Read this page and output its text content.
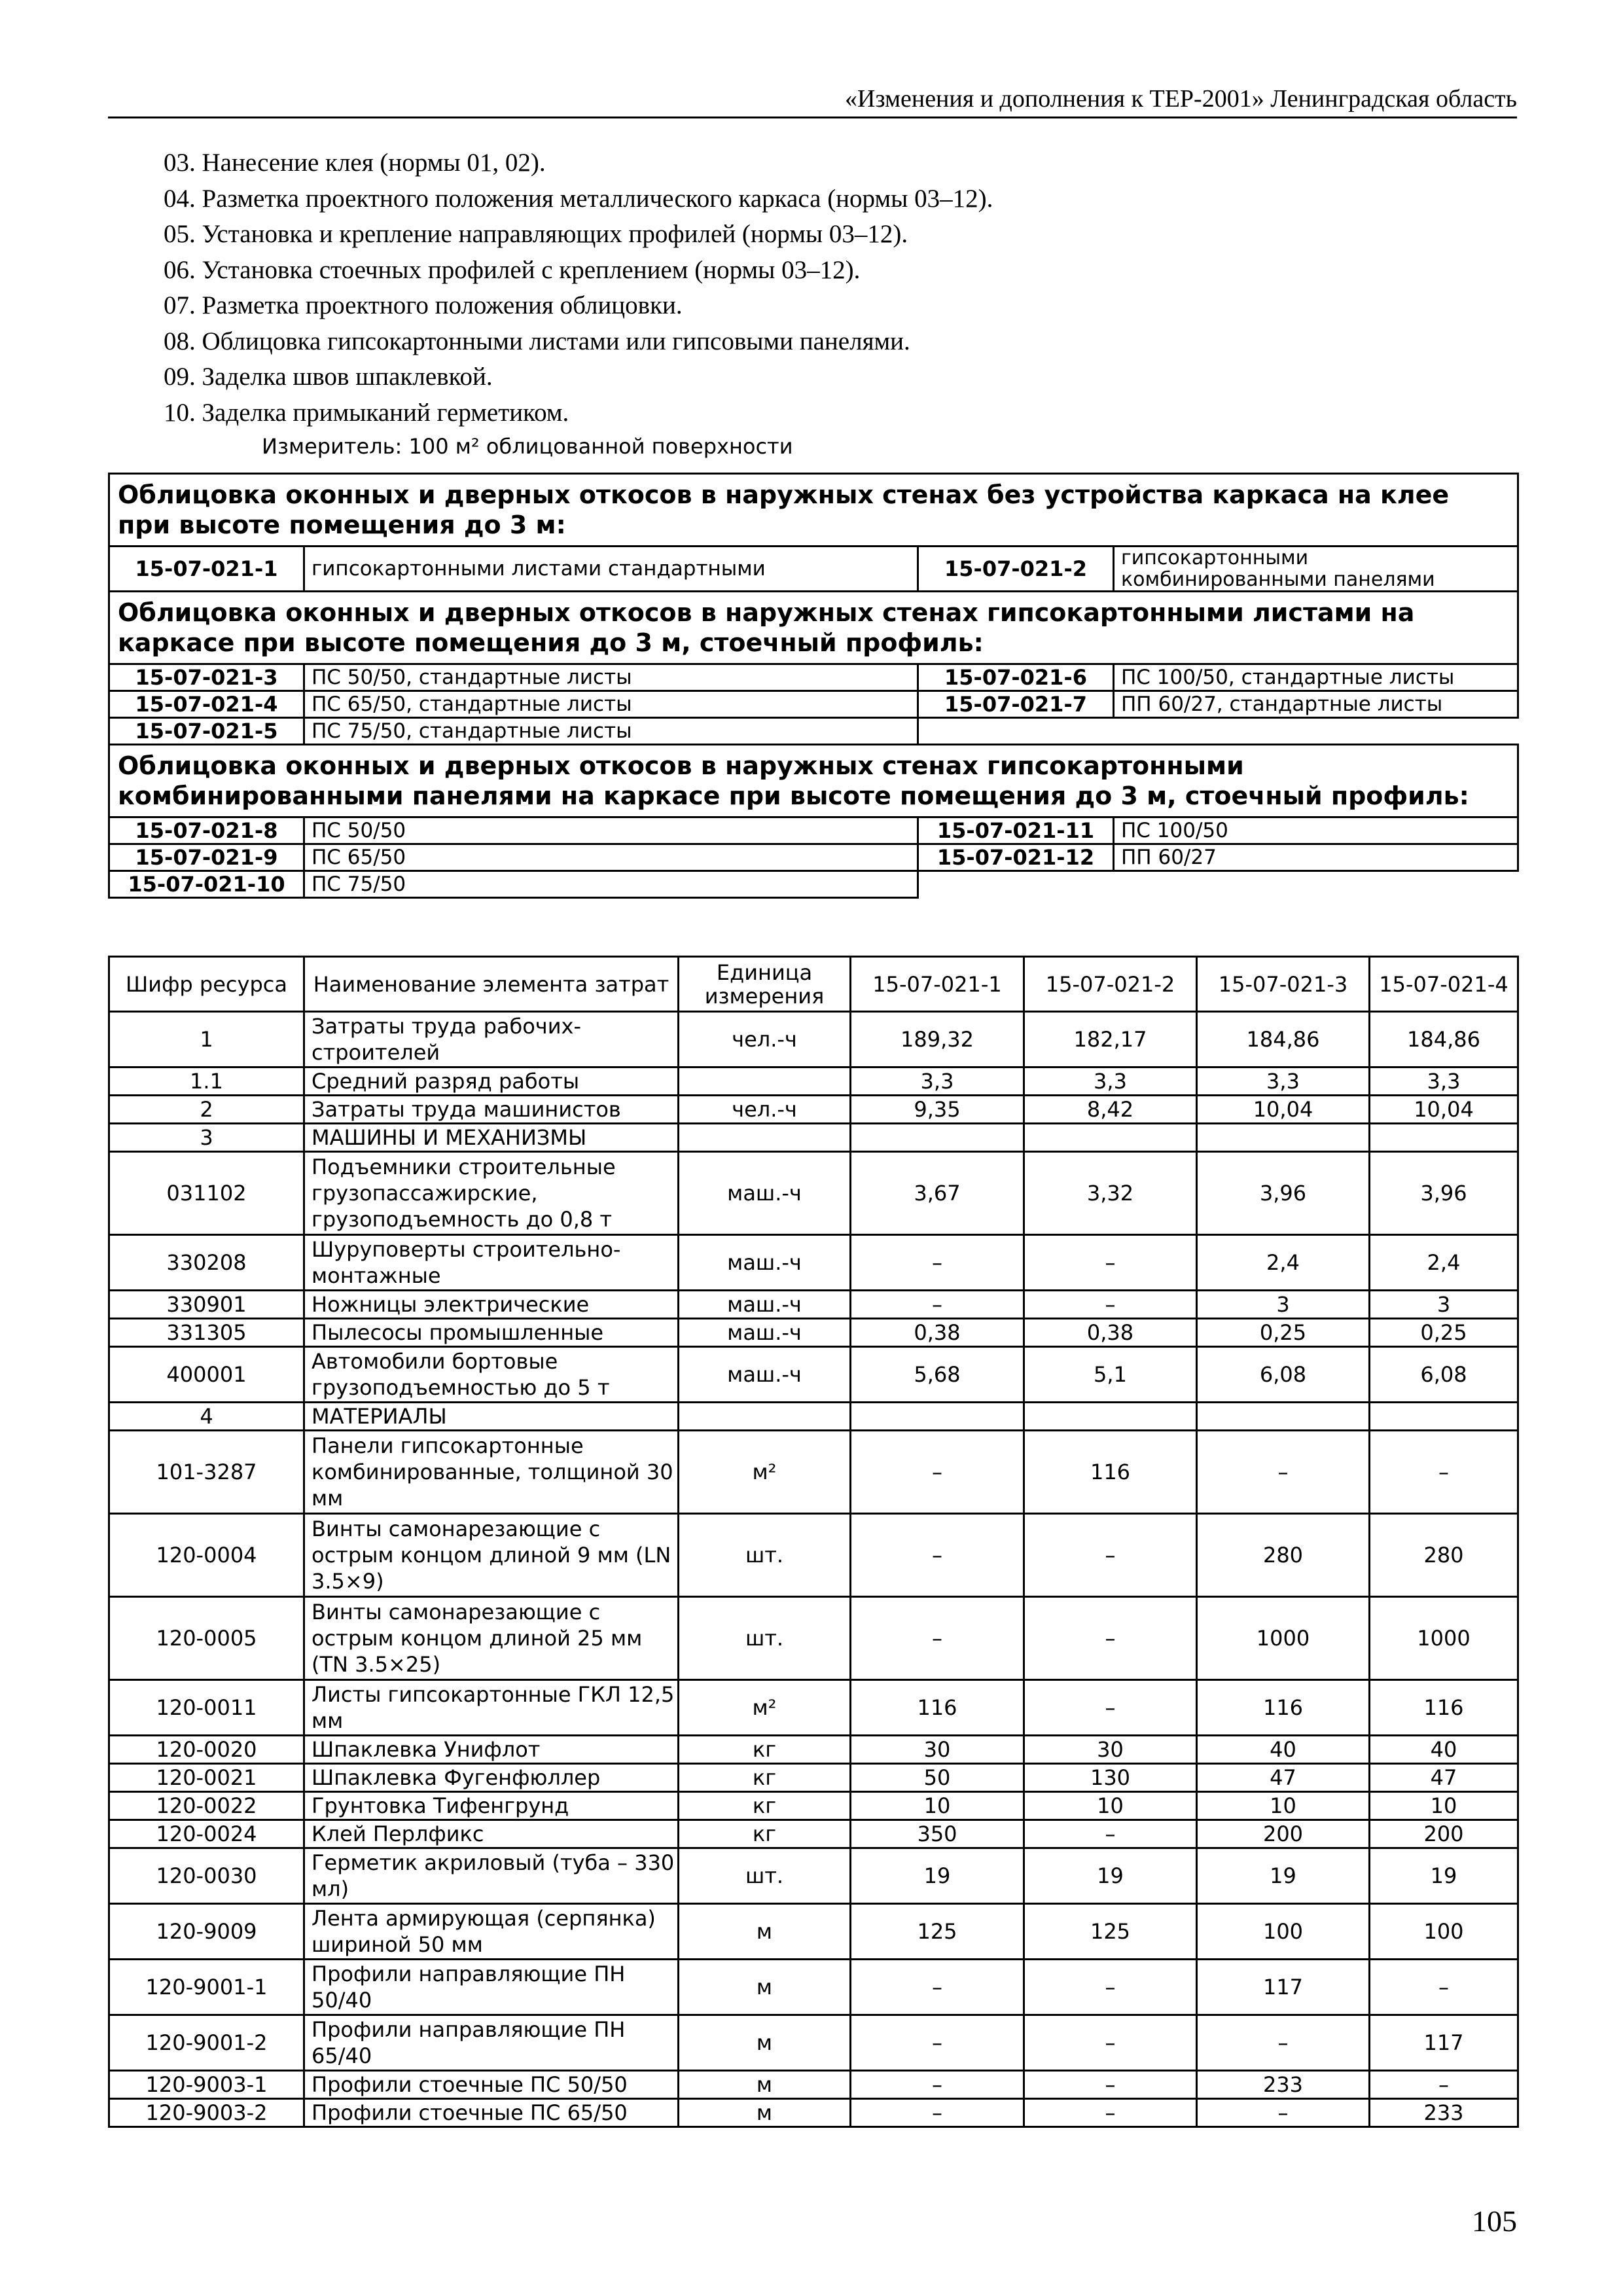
«Изменения и дополнения к ТЕР-2001» Ленинградская область
03. Нанесение клея (нормы 01, 02).
04. Разметка проектного положения металлического каркаса (нормы 03–12).
05. Установка и крепление направляющих профилей (нормы 03–12).
06. Установка стоечных профилей с креплением (нормы 03–12).
07. Разметка проектного положения облицовки.
08. Облицовка гипсокартонными листами или гипсовыми панелями.
09. Заделка швов шпаклевкой.
10. Заделка примыканий герметиком.
Измеритель: 100 м² облицованной поверхности
Облицовка оконных и дверных откосов в наружных стенах без устройства каркаса на клее при высоте помещения до 3 м:			
15-07-021-1	гипсокартонными листами стандартными	15-07-021-2	гипсокартонными комбинированными панелями
Облицовка оконных и дверных откосов в наружных стенах гипсокартонными листами на каркасе при высоте помещения до 3 м, стоечный профиль:			
15-07-021-3	ПС 50/50, стандартные листы	15-07-021-6	ПС 100/50, стандартные листы
15-07-021-4	ПС 65/50, стандартные листы	15-07-021-7	ПП 60/27, стандартные листы
15-07-021-5	ПС 75/50, стандартные листы		
Облицовка оконных и дверных откосов в наружных стенах гипсокартонными комбинированными панелями на каркасе при высоте помещения до 3 м, стоечный профиль:			
15-07-021-8	ПС 50/50	15-07-021-11	ПС 100/50
15-07-021-9	ПС 65/50	15-07-021-12	ПП 60/27
15-07-021-10	ПС 75/50		
Шифр ресурса	Наименование элемента затрат	Единица измерения	15-07-021-1	15-07-021-2	15-07-021-3	15-07-021-4
1	Затраты труда рабочих-строителей	чел.-ч	189,32	182,17	184,86	184,86
1.1	Средний разряд работы		3,3	3,3	3,3	3,3
2	Затраты труда машинистов	чел.-ч	9,35	8,42	10,04	10,04
3	МАШИНЫ И МЕХАНИЗМЫ					
031102	Подъемники строительные грузопассажирские, грузоподъемность до 0,8 т	маш.-ч	3,67	3,32	3,96	3,96
330208	Шуруповерты строительно-монтажные	маш.-ч	–	–	2,4	2,4
330901	Ножницы электрические	маш.-ч	–	–	3	3
331305	Пылесосы промышленные	маш.-ч	0,38	0,38	0,25	0,25
400001	Автомобили бортовые грузоподъемностью до 5 т	маш.-ч	5,68	5,1	6,08	6,08
4	МАТЕРИАЛЫ					
101-3287	Панели гипсокартонные комбинированные, толщиной 30 мм	м²	–	116	–	–
120-0004	Винты самонарезающие с острым концом длиной 9 мм (LN 3.5×9)	шт.	–	–	280	280
120-0005	Винты самонарезающие с острым концом длиной 25 мм (TN 3.5×25)	шт.	–	–	1000	1000
120-0011	Листы гипсокартонные ГКЛ 12,5 мм	м²	116	–	116	116
120-0020	Шпаклевка Унифлот	кг	30	30	40	40
120-0021	Шпаклевка Фугенфюллер	кг	50	130	47	47
120-0022	Грунтовка Тифенгрунд	кг	10	10	10	10
120-0024	Клей Перлфикс	кг	350	–	200	200
120-0030	Герметик акриловый (туба – 330 мл)	шт.	19	19	19	19
120-9009	Лента армирующая (серпянка) шириной 50 мм	м	125	125	100	100
120-9001-1	Профили направляющие ПН 50/40	м	–	–	117	–
120-9001-2	Профили направляющие ПН 65/40	м	–	–	–	117
120-9003-1	Профили стоечные ПС 50/50	м	–	–	233	–
120-9003-2	Профили стоечные ПС 65/50	м	–	–	–	233
105
